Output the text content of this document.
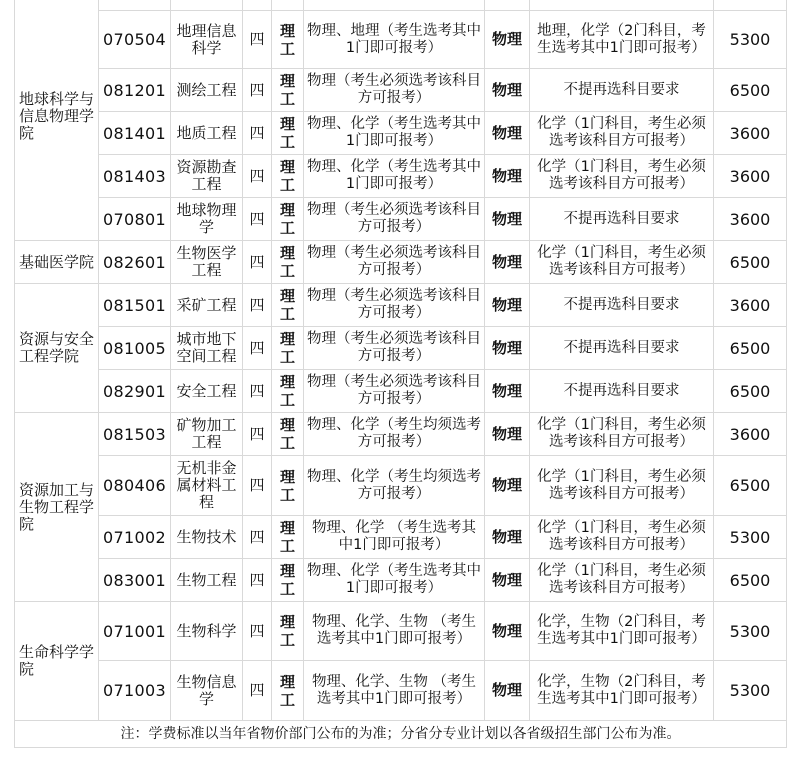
地球科学与信息物理学院								
	070504	地理信息科学	四	理工	物理、地理（考生选考其中1门即可报考）	物理	地理，化学（2门科目，考生选考其中1门即可报考）	5300
	081201	测绘工程	四	理工	物理（考生必须选考该科目方可报考）	物理	不提再选科目要求	6500
	081401	地质工程	四	理工	物理、化学（考生选考其中1门即可报考）	物理	化学（1门科目，考生必须选考该科目方可报考）	3600
	081403	资源勘查工程	四	理工	物理、化学（考生选考其中1门即可报考）	物理	化学（1门科目，考生必须选考该科目方可报考）	3600
	070801	地球物理学	四	理工	物理（考生必须选考该科目方可报考）	物理	不提再选科目要求	3600
基础医学院	082601	生物医学工程	四	理工	物理（考生必须选考该科目方可报考）	物理	化学（1门科目，考生必须选考该科目方可报考）	6500
资源与安全工程学院	081501	采矿工程	四	理工	物理（考生必须选考该科目方可报考）	物理	不提再选科目要求	3600
	081005	城市地下空间工程	四	理工	物理（考生必须选考该科目方可报考）	物理	不提再选科目要求	6500
	082901	安全工程	四	理工	物理（考生必须选考该科目方可报考）	物理	不提再选科目要求	6500
资源加工与生物工程学院	081503	矿物加工工程	四	理工	物理、化学（考生均须选考方可报考）	物理	化学（1门科目，考生必须选考该科目方可报考）	3600
	080406	无机非金属材料工程	四	理工	物理、化学（考生均须选考方可报考）	物理	化学（1门科目，考生必须选考该科目方可报考）	6500
	071002	生物技术	四	理工	物理、化学 （考生选考其中1门即可报考）	物理	化学（1门科目，考生必须选考该科目方可报考）	5300
	083001	生物工程	四	理工	物理、化学（考生选考其中1门即可报考）	物理	化学（1门科目，考生必须选考该科目方可报考）	6500
生命科学学院	071001	生物科学	四	理工	物理、化学、生物 （考生选考其中1门即可报考）	物理	化学，生物（2门科目，考生选考其中1门即可报考）	5300
	071003	生物信息学	四	理工	物理、化学、生物 （考生选考其中1门即可报考）	物理	化学，生物（2门科目，考生选考其中1门即可报考）	5300
注：学费标准以当年省物价部门公布的为准；分省分专业计划以各省级招生部门公布为准。								
